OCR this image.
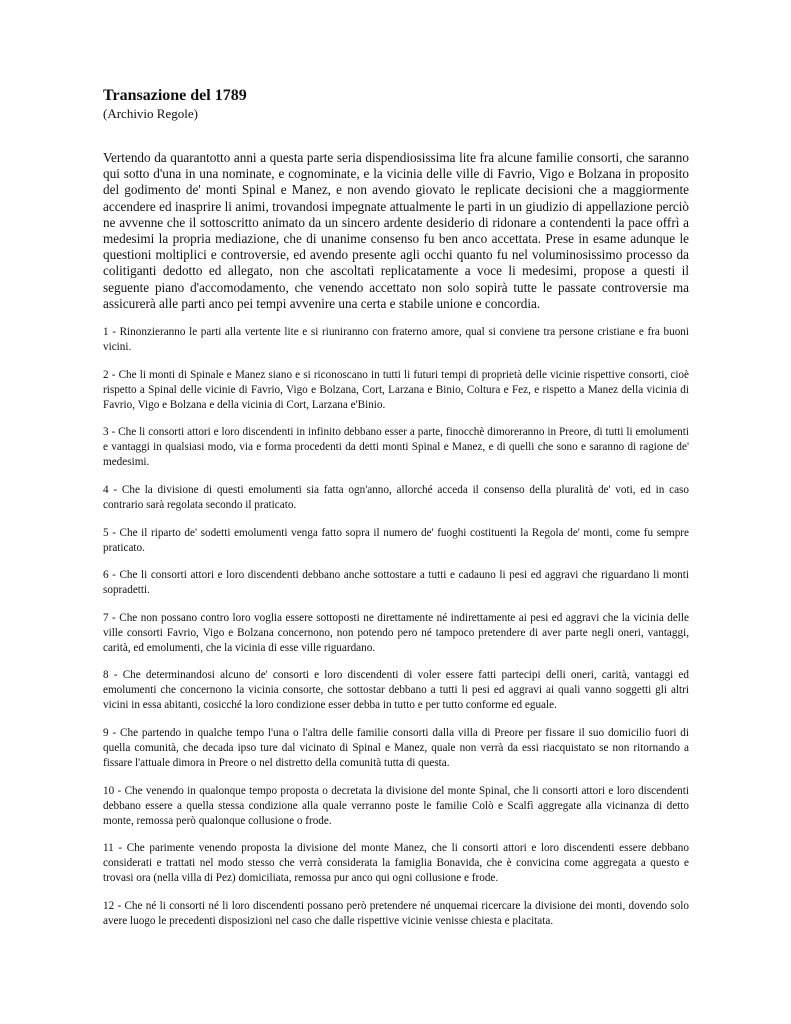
Transazione del 1789
(Archivio Regole)

Vertendo da quarantotto anni a questa parte seria dispendiosissima lite fra alcune familie consorti, che saranno qui sotto d'una in una nominate, e cognominate, e la vicinia delle ville di Favrio, Vigo e Bolzana in proposito del godimento de' monti Spinal e Manez, e non avendo giovato le replicate decisioni che a maggiormente accendere ed inasprire li animi, trovandosi impegnate attualmente le parti in un giudizio di appellazione perciò ne avvenne che il sottoscritto animato da un sincero ardente desiderio di ridonare a contendenti la pace offrì a medesimi la propria mediazione, che di unanime consenso fu ben anco accettata. Prese in esame adunque le questioni moltiplici e controversie, ed avendo presente agli occhi quanto fu nel voluminosissimo processo da colitiganti dedotto ed allegato, non che ascoltati replicatamente a voce li medesimi, propose a questi il seguente piano d'accomodamento, che venendo accettato non solo sopirà tutte le passate controversie ma assicurerà alle parti anco pei tempi avvenire una certa e stabile unione e concordia.

1 - Rinonzieranno le parti alla vertente lite e si riuniranno con fraterno amore, qual si conviene tra persone cristiane e fra buoni vicini.

2 - Che li monti di Spinale e Manez siano e si riconoscano in tutti li futuri tempi di proprietà delle vicinie rispettive consorti, cioè rispetto a Spinal delle vicinie di Favrio, Vigo e Bolzana, Cort, Larzana e Binio, Coltura e Fez, e rispetto a Manez della vicinia di Favrio, Vigo e Bolzana e della vicinia di Cort, Larzana e'Binio.

3 - Che li consorti attori e loro discendenti in infinito debbano esser a parte, finocchè dimoreranno in Preore, di tutti li emolumenti e vantaggi in qualsiasi modo, via e forma procedenti da detti monti Spinal e Manez, e di quelli che sono e saranno di ragione de' medesimi.

4 - Che la divisione di questi emolumenti sia fatta ogn'anno, allorché acceda il consenso della pluralità de' voti, ed in caso contrario sarà regolata secondo il praticato.

5 - Che il riparto de' sodetti emolumenti venga fatto sopra il numero de' fuoghi costituenti la Regola de' monti, come fu sempre praticato.

6 - Che li consorti attori e loro discendenti debbano anche sottostare a tutti e cadauno li pesi ed aggravi che riguardano li monti sopradetti.

7 - Che non possano contro loro voglia essere sottoposti ne direttamente né indirettamente ai pesi ed aggravi che la vicinia delle ville consorti Favrio, Vigo e Bolzana concernono, non potendo pero né tampoco pretendere di aver parte negli oneri, vantaggi, carità, ed emolumenti, che la vicinia di esse ville riguardano.

8 - Che determinandosi alcuno de' consorti e loro discendenti di voler essere fatti partecipi delli oneri, carità, vantaggi ed emolumenti che concernono la vicinia consorte, che sottostar debbano a tutti li pesi ed aggravi ai quali vanno soggetti gli altri vicini in essa abitanti, cosicché la loro condizione esser debba in tutto e per tutto conforme ed eguale.

9 - Che partendo in qualche tempo l'una o l'altra delle familie consorti dalla villa di Preore per fissare il suo domicilio fuori di quella comunità, che decada ipso ture dal vicinato di Spinal e Manez, quale non verrà da essi riacquistato se non ritornando a fissare l'attuale dimora in Preore o nel distretto della comunità tutta di questa.

10 - Che venendo in qualonque tempo proposta o decretata la divisione del monte Spinal, che li consorti attori e loro discendenti debbano essere a quella stessa condizione alla quale verranno poste le familie Colò e Scalfì aggregate alla vicinanza di detto monte, remossa però qualonque collusione o frode.

11 - Che parimente venendo proposta la divisione del monte Manez, che li consorti attori e loro discendenti essere debbano considerati e trattati nel modo stesso che verrà considerata la famiglia Bonavida, che è convicina come aggregata a questo e trovasi ora (nella villa di Pez) domiciliata, remossa pur anco qui ogni collusione e frode.

12 - Che né li consorti né li loro discendenti possano però pretendere né unquemai ricercare la divisione dei monti, dovendo solo avere luogo le precedenti disposizioni nel caso che dalle rispettive vicinie venisse chiesta e placitata.
